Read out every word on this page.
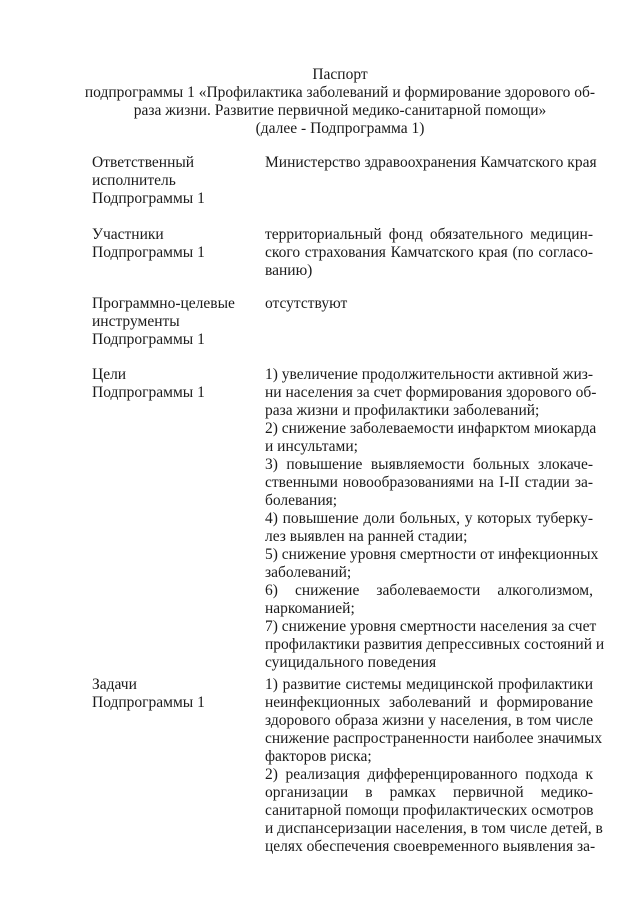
Паспорт
подпрограммы 1 «Профилактика заболеваний и формирование здорового об-
раза жизни. Развитие первичной медико-санитарной помощи»
(далее - Подпрограмма 1)
Ответственный
исполнитель
Подпрограммы 1
Министерство здравоохранения Камчатского края
Участники
Подпрограммы 1
территориальный фонд обязательного медицин-
ского страхования Камчатского края (по согласо-
ванию)
Программно-целевые
инструменты
Подпрограммы 1
отсутствуют
Цели
Подпрограммы 1
1) увеличение продолжительности активной жиз-
ни населения за счет формирования здорового об-
раза жизни и профилактики заболеваний;
2) снижение заболеваемости инфарктом миокарда
и инсультами;
3) повышение выявляемости больных злокаче-
ственными новообразованиями на I-II стадии за-
болевания;
4) повышение доли больных, у которых туберку-
лез выявлен на ранней стадии;
5) снижение уровня смертности от инфекционных
заболеваний;
6) снижение заболеваемости алкоголизмом,
наркоманией;
7) снижение уровня смертности населения за счет
профилактики развития депрессивных состояний и
суицидального поведения
Задачи
Подпрограммы 1
1) развитие системы медицинской профилактики
неинфекционных заболеваний и формирование
здорового образа жизни у населения, в том числе
снижение распространенности наиболее значимых
факторов риска;
2) реализация дифференцированного подхода к
организации в рамках первичной медико-
санитарной помощи профилактических осмотров
и диспансеризации населения, в том числе детей, в
целях обеспечения своевременного выявления за-
